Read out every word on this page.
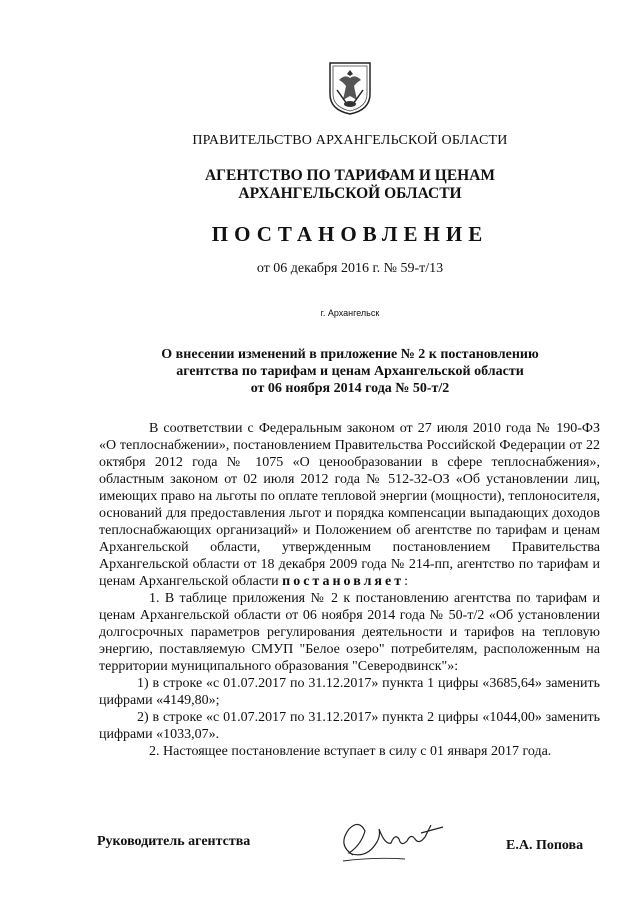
ПРАВИТЕЛЬСТВО АРХАНГЕЛЬСКОЙ ОБЛАСТИ
АГЕНТСТВО ПО ТАРИФАМ И ЦЕНАМ
АРХАНГЕЛЬСКОЙ ОБЛАСТИ
ПОСТАНОВЛЕНИЕ
от 06 декабря 2016 г. № 59-т/13
г. Архангельск
О внесении изменений в приложение № 2 к постановлению
агентства по тарифам и ценам Архангельской области
от 06 ноября 2014 года № 50-т/2

В соответствии с Федеральным законом от 27 июля 2010 года № 190-ФЗ «О теплоснабжении», постановлением Правительства Российской Федерации от 22 октября 2012 года № 1075 «О ценообразовании в сфере теплоснабжения», областным законом от 02 июля 2012 года № 512-32-ОЗ «Об установлении лиц, имеющих право на льготы по оплате тепловой энергии (мощности), теплоносителя, оснований для предоставления льгот и порядка компенсации выпадающих доходов теплоснабжающих организаций» и Положением об агентстве по тарифам и ценам Архангельской области, утвержденным постановлением Правительства Архангельской области от 18 декабря 2009 года № 214-пп, агентство по тарифам и ценам Архангельской области постановляет:

1. В таблице приложения № 2 к постановлению агентства по тарифам и ценам Архангельской области от 06 ноября 2014 года № 50-т/2 «Об установлении долгосрочных параметров регулирования деятельности и тарифов на тепловую энергию, поставляемую СМУП "Белое озеро" потребителям, расположенным на территории муниципального образования "Северодвинск"»:

1) в строке «с 01.07.2017 по 31.12.2017» пункта 1 цифры «3685,64» заменить цифрами «4149,80»;

2) в строке «с 01.07.2017 по 31.12.2017» пункта 2 цифры «1044,00» заменить цифрами «1033,07».

2. Настоящее постановление вступает в силу с 01 января 2017 года.

Руководитель агентства	Е.А. Попова
